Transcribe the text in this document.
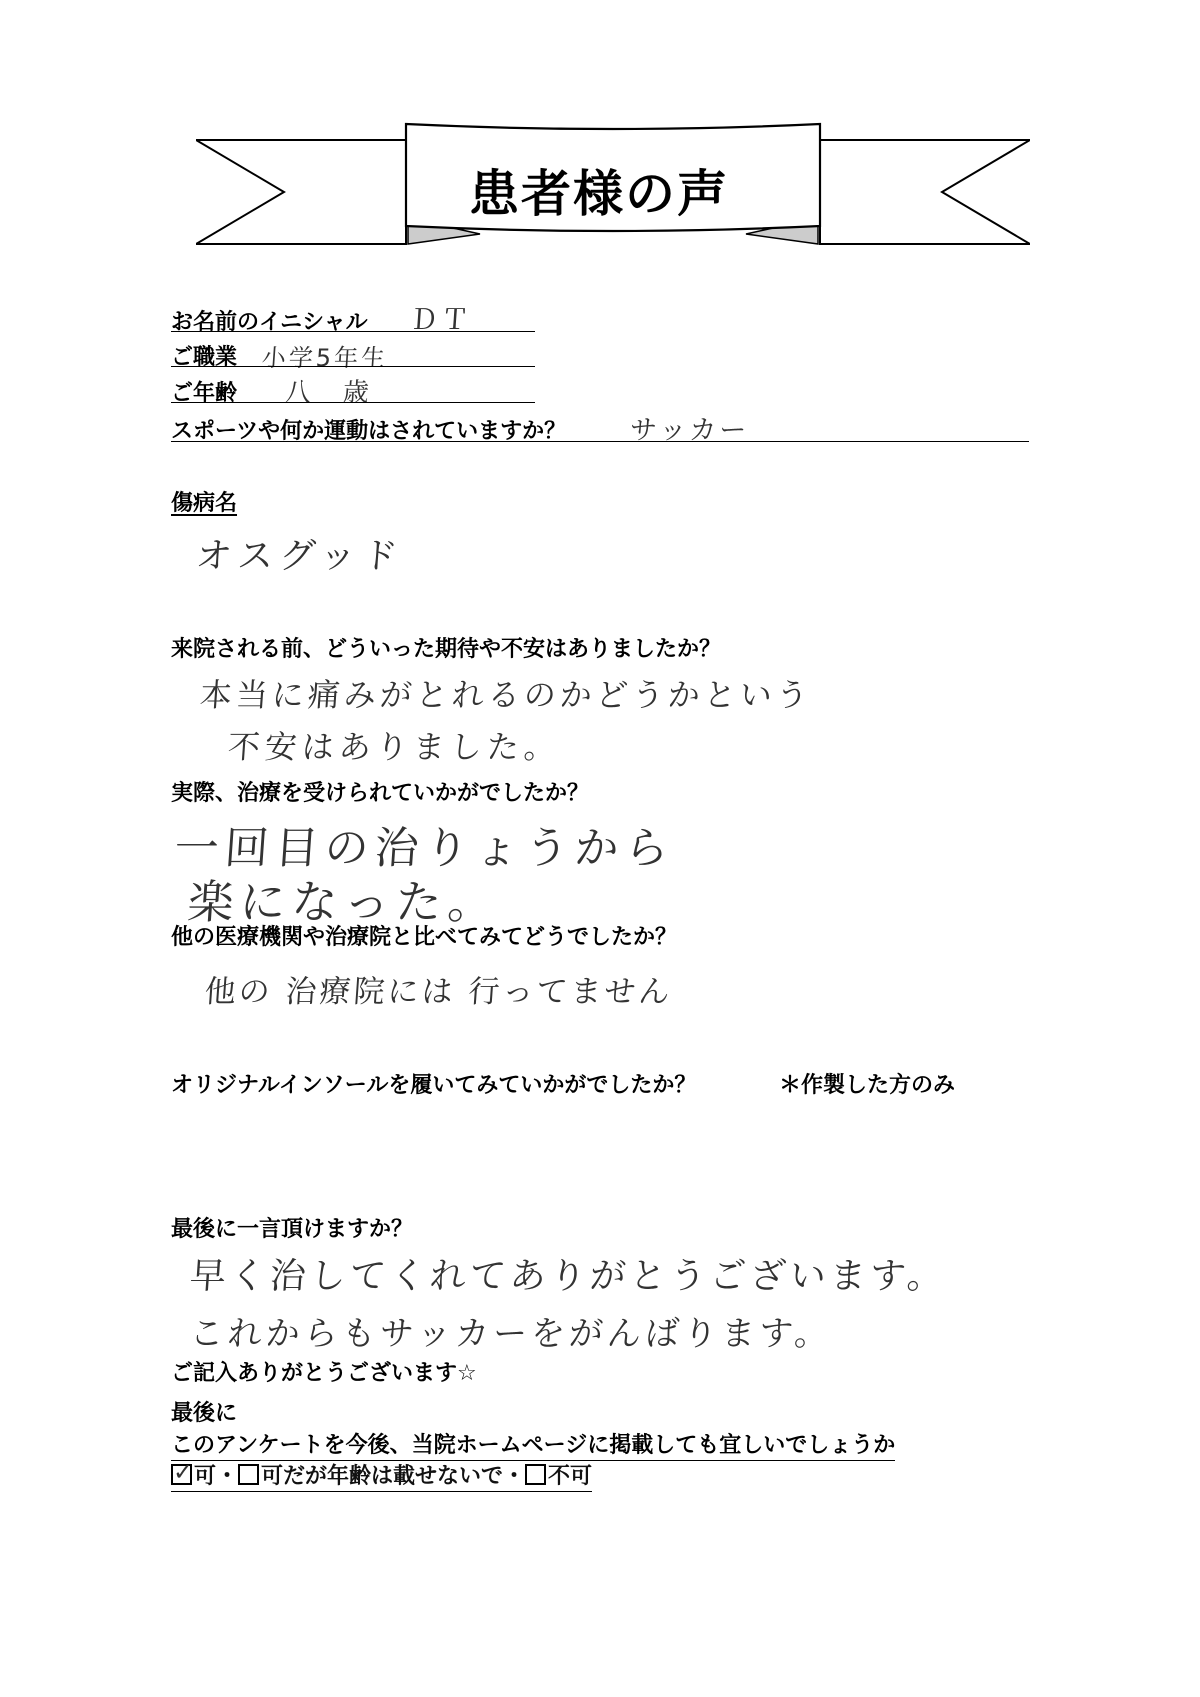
患者様の声
お名前のイニシャル ＤＴ
ご職業 小学5年生
ご年齢 八　歳
スポーツや何か運動はされていますか？ サッカー
傷病名
オスグッド
来院される前、どういった期待や不安はありましたか？
本当に痛みがとれるのかどうかという
不安はありました。
実際、治療を受けられていかがでしたか？
一回目の治りょうから
楽になった。
他の医療機関や治療院と比べてみてどうでしたか？
他の 治療院には 行ってません
オリジナルインソールを履いてみていかがでしたか？	＊作製した方のみ
最後に一言頂けますか？
早く治してくれてありがとうございます。
これからもサッカーをがんばります。
ご記入ありがとうございます☆
最後に
このアンケートを今後、当院ホームページに掲載しても宜しいでしょうか
✓ 可・ 可だが年齢は載せないで・ 不可
